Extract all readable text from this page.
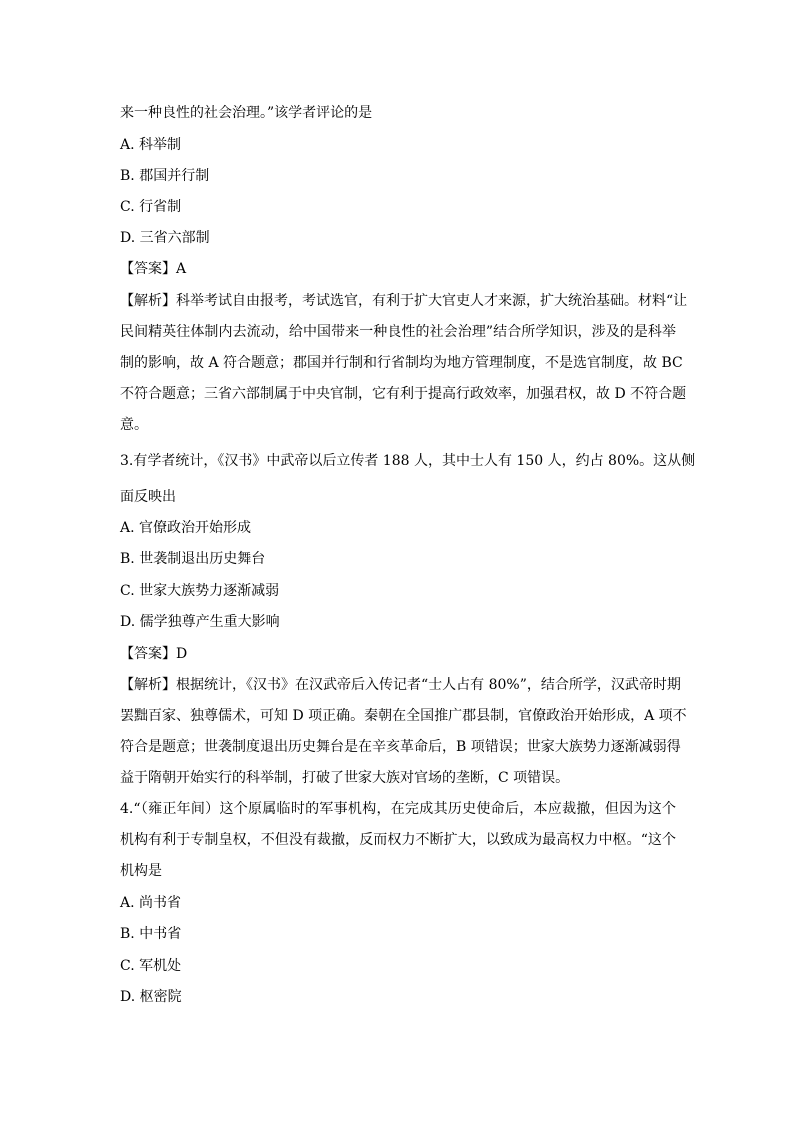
来一种良性的社会治理。”该学者评论的是

A. 科举制

B. 郡国并行制

C. 行省制

D. 三省六部制

【答案】A

【解析】科举考试自由报考，考试选官，有利于扩大官吏人才来源，扩大统治基础。材料“让

民间精英往体制内去流动，给中国带来一种良性的社会治理”结合所学知识，涉及的是科举

制的影响，故 A 符合题意；郡国并行制和行省制均为地方管理制度，不是选官制度，故 BC

不符合题意；三省六部制属于中央官制，它有利于提高行政效率，加强君权，故 D 不符合题

意。

3.有学者统计，《汉书》中武帝以后立传者 188 人，其中士人有 150 人，约占 80%。这从侧

面反映出

A. 官僚政治开始形成

B. 世袭制退出历史舞台

C. 世家大族势力逐渐减弱

D. 儒学独尊产生重大影响

【答案】D

【解析】根据统计，《汉书》在汉武帝后入传记者“士人占有 80%”，结合所学，汉武帝时期

罢黜百家、独尊儒术，可知 D 项正确。秦朝在全国推广郡县制，官僚政治开始形成，A 项不

符合是题意；世袭制度退出历史舞台是在辛亥革命后，B 项错误；世家大族势力逐渐减弱得

益于隋朝开始实行的科举制，打破了世家大族对官场的垄断，C 项错误。

4.“（雍正年间）这个原属临时的军事机构，在完成其历史使命后，本应裁撤，但因为这个

机构有利于专制皇权，不但没有裁撤，反而权力不断扩大，以致成为最高权力中枢。“这个

机构是

A. 尚书省

B. 中书省

C. 军机处

D. 枢密院
